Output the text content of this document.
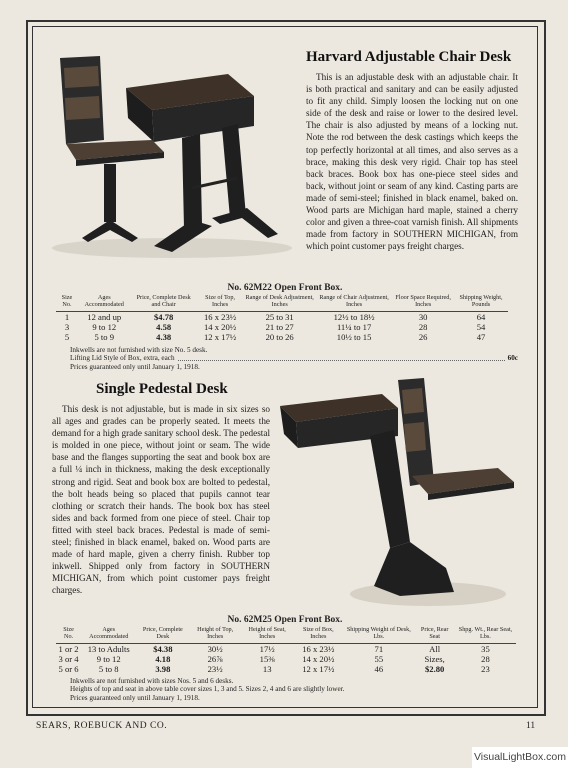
Harvard Adjustable Chair Desk

This is an adjustable desk with an adjustable chair. It is both practical and sanitary and can be easily adjusted to fit any child. Simply loosen the locking nut on one side of the desk and raise or lower to the desired level. The chair is also adjusted by means of a locking nut. Note the rod between the desk castings which keeps the top perfectly horizontal at all times, and also serves as a brace, making this desk very rigid. Chair top has steel back braces. Book box has one-piece steel sides and back, without joint or seam of any kind. Casting parts are made of semi-steel; finished in black enamel, baked on. Wood parts are Michigan hard maple, stained a cherry color and given a three-coat varnish finish. All shipments made from factory in SOUTHERN MICHIGAN, from which point customer pays freight charges.

No. 62M22 Open Front Box.
Size No.	Ages Accommodated	Price, Complete Desk and Chair	Size of Top, Inches	Range of Desk Adjustment, Inches	Range of Chair Adjustment, Inches	Floor Space Required, Inches	Shipping Weight, Pounds
1	12 and up	$4.78	16 x 23½	25 to 31	12½ to 18½	30	64
3	9 to 12	4.58	14 x 20½	21 to 27	11¼ to 17	28	54
5	5 to 9	4.38	12 x 17½	20 to 26	10½ to 15	26	47
Inkwells are not furnished with size No. 5 desk.
Lifting Lid Style of Box, extra, each	60c
Prices guaranteed only until January 1, 1918.
Single Pedestal Desk

This desk is not adjustable, but is made in six sizes so all ages and grades can be properly seated. It meets the demand for a high grade sanitary school desk. The pedestal is molded in one piece, without joint or seam. The wide base and the flanges supporting the seat and book box are a full ¼ inch in thickness, making the desk exceptionally strong and rigid. Seat and book box are bolted to pedestal, the bolt heads being so placed that pupils cannot tear clothing or scratch their hands. The book box has steel sides and back formed from one piece of steel. Chair top fitted with steel back braces. Pedestal is made of semi-steel; finished in black enamel, baked on. Wood parts are made of hard maple, given a cherry finish. Rubber top inkwell. Shipped only from factory in SOUTHERN MICHIGAN, from which point customer pays freight charges.

No. 62M25 Open Front Box.
Size No.	Ages Accommodated	Price, Complete Desk	Height of Top, Inches	Height of Seat, Inches	Size of Box, Inches	Shipping Weight of Desk, Lbs.	Price, Rear Seat	Shpg. Wt., Rear Seat, Lbs.
1 or 2	13 to Adults	$4.38	30½	17½	16 x 23½	71	All	35
3 or 4	9 to 12	4.18	26⅞	15⅜	14 x 20½	55	Sizes,	28
5 or 6	5 to 8	3.98	23½	13	12 x 17½	46	$2.80	23
Inkwells are not furnished with sizes Nos. 5 and 6 desks.
Heights of top and seat in above table cover sizes 1, 3 and 5. Sizes 2, 4 and 6 are slightly lower.
Prices guaranteed only until January 1, 1918.
SEARS, ROEBUCK AND CO.	11
VisualLightBox.com
